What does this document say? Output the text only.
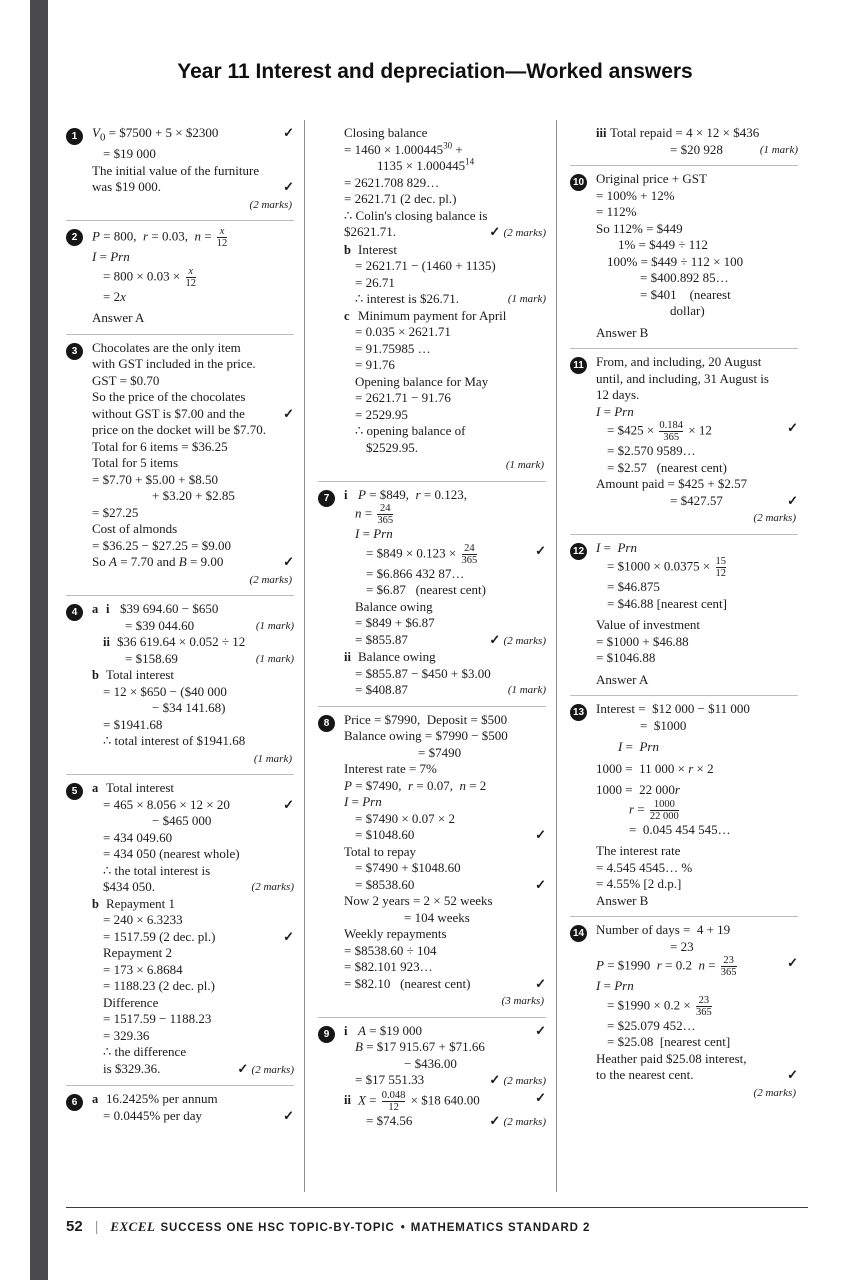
Year 11 Interest and depreciation—Worked answers
1	$V_0$ = $7500 + 5 × $2300	✓
= $19 000
The initial value of the furniture
was $19 000.	✓
(2 marks)
2	P = 800,  r = 0.03,  $n = \frac{x}{12}$
I = Prn
= $800 \times 0.03 \times \frac{x}{12}$
= 2x
Answer A
3	Chocolates are the only item
with GST included in the price.
GST = $0.70
So the price of the chocolates
without GST is $7.00 and the	✓
price on the docket will be $7.70.
Total for 6 items = $36.25
Total for 5 items
= $7.70 + $5.00 + $8.50
+ $3.20 + $2.85
= $27.25
Cost of almonds
= $36.25 − $27.25 = $9.00
So A = 7.70 and B = 9.00	✓
(2 marks)
4	a i $39 694.60 − $650
= $39 044.60	(1 mark)
ii $36 619.64 × 0.052 ÷ 12
= $158.69	(1 mark)
b Total interest
= 12 × $650 − ($40 000
− $34 141.68)
= $1941.68
∴ total interest of $1941.68
(1 mark)
5	a Total interest
= 465 × 8.056 × 12 × 20	✓
− $465 000
= 434 049.60
= 434 050 (nearest whole)
∴ the total interest is
$434 050.	(2 marks)
b Repayment 1
= 240 × 6.3233
= 1517.59 (2 dec. pl.)	✓
Repayment 2
= 173 × 6.8684
= 1188.23 (2 dec. pl.)
Difference
= 1517.59 − 1188.23
= 329.36
∴ the difference
is $329.36.	✓ (2 marks)
6	a 16.2425% per annum
= 0.0445% per day	✓
Closing balance
= $1460 \times 1.000445^{30}$ +
$1135 \times 1.000445^{14}$
= 2621.708 829…
= 2621.71 (2 dec. pl.)
∴ Colin's closing balance is
$2621.71.	✓ (2 marks)
b Interest
= 2621.71 − (1460 + 1135)
= 26.71
∴ interest is $26.71.	(1 mark)
c Minimum payment for April
= 0.035 × 2621.71
= 91.75985 …
= 91.76
Opening balance for May
= 2621.71 − 91.76
= 2529.95
∴ opening balance of
$2529.95.
(1 mark)
7	i P = $849,  r = 0.123,
$n = \frac{24}{365}$
I = Prn
= $849 × $0.123 \times \frac{24}{365}$	✓
= $6.866 432 87…
= $6.87   (nearest cent)
Balance owing
= $849 + $6.87
= $855.87	✓ (2 marks)
ii Balance owing
= $855.87 − $450 + $3.00
= $408.87	(1 mark)
8	Price = $7990,  Deposit = $500
Balance owing = $7990 − $500
= $7490
Interest rate = 7%
P = $7490,  r = 0.07,  n = 2
I = Prn
= $7490 × 0.07 × 2
= $1048.60	✓
Total to repay
= $7490 + $1048.60
= $8538.60	✓
Now 2 years = 2 × 52 weeks
= 104 weeks
Weekly repayments
= $8538.60 ÷ 104
= $82.101 923…
= $82.10   (nearest cent)	✓
(3 marks)
9	i A = $19 000	✓
B = $17 915.67 + $71.66
− $436.00
= $17 551.33	✓ (2 marks)
ii $X = \frac{0.048}{12}$ × $18 640.00	✓
= $74.56	✓ (2 marks)
iii Total repaid = 4 × 12 × $436
= $20 928	(1 mark)
10 Original price + GST
= 100% + 12%
= 112%
So 112% = $449
1% = $449 ÷ 112
100% = $449 ÷ 112 × 100
= $400.892 85…
= $401    (nearest
dollar)
Answer B
11 From, and including, 20 August
until, and including, 31 August is
12 days.
I = Prn
= $425 × $\frac{0.184}{365} \times 12$	✓
= $2.570 9589…
= $2.57   (nearest cent)
Amount paid = $425 + $2.57
= $427.57	✓
(2 marks)
12 I =  Prn
= $1000 × $0.0375 \times \frac{15}{12}$
= $46.875
= $46.88 [nearest cent]
Value of investment
= $1000 + $46.88
= $1046.88
Answer A
13 Interest =  $12 000 − $11 000
=  $1000
I =  Prn
1000 =  11 000 × r × 2
1000 =  22 000r
$r = \frac{1000}{22 000}$
=  0.045 454 545…
The interest rate
= 4.545 4545… %
= 4.55% [2 d.p.]
Answer B
14 Number of days =  4 + 19
= 23
P = $1990  r = 0.2  $n = \frac{23}{365}$	✓
I = Prn
= $1990 × $0.2 \times \frac{23}{365}$
= $25.079 452…
= $25.08  [nearest cent]
Heather paid $25.08 interest,
to the nearest cent.	✓
(2 marks)
52 | EXCEL SUCCESS ONE HSC TOPIC-BY-TOPIC • MATHEMATICS STANDARD 2
